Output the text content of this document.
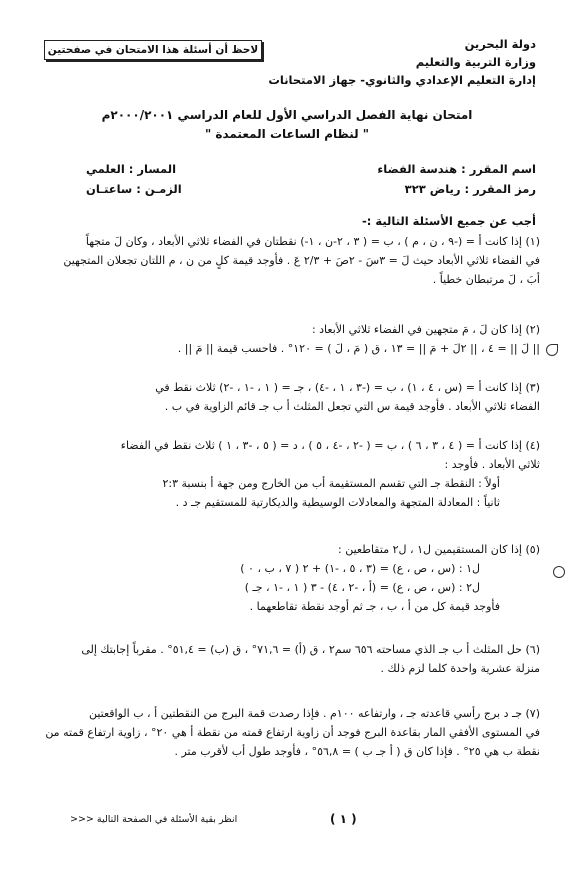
دولة البحرين
وزارة التربية والتعليم
إدارة التعليم الإعدادي والثانوي- جهاز الامتحانات
لاحظ أن أسئلة هذا الامتحان في صفحتين
امتحان نهاية الفصل الدراسي الأول للعام الدراسي ٢٠٠٠/٢٠٠١م
" لنظام الساعات المعتمدة "
اسم المقرر : هندسة الفضاء
رمز المقرر : رياض ٣٢٣
المسار : العلمي
الزمـن : ساعتـان
أجب عن جميع الأسئلة التالية :-
(١) إذا كانت أ = (-٩ ، ن ، م ) ، ب = ( ٣ ، ٢-ن ، ١-) نقطتان في الفضاء ثلاثي الأبعاد ، وكان لَ متجهاً
في الفضاء ثلاثي الأبعاد حيث لَ = ٣سَ - ٢صَ + ٢/٣ عَ . فأوجد قيمة كلٍ من ن ، م اللتان تجعلان المتجهين
أبَ ، لَ مرتبطان خطياً .
(٢) إذا كان لَ ، مَ متجهين في الفضاء ثلاثي الأبعاد :
|| لَ || = ٤ ، || ٢لَ + مَ || = ١٣ ، ق ( مَ ، لَ ) = ١٢٠° . فاحسب قيمة || مَ || .
(٣) إذا كانت أ = (س ، ٤ ، ١) ، ب = (-٣ ، ١ ، -٤) ، جـ = ( ١ ، -١ ، -٢) ثلاث نقط في
الفضاء ثلاثي الأبعاد . فأوجد قيمة س التي تجعل المثلث أ ب جـ قائم الزاوية في ب .
(٤) إذا كانت أ = ( ٤ ، ٣ ، ٦ ) ، ب = ( -٢ ، -٤ ، ٥ ) ، د = ( ٥ ، -٣ ، ١ ) ثلاث نقط في الفضاء
ثلاثي الأبعاد . فأوجد :
أولاً : النقطة جـ التي تقسم المستقيمة أب من الخارج ومن جهة أ بنسبة ٢:٣
ثانياً : المعادلة المتجهة والمعادلات الوسيطية والديكارتية للمستقيم جـ د .
(٥) إذا كان المستقيمين ل١ ، ل٢ متقاطعين :
ل١ : (س ، ص ، ع) = (٣ ، ٥ ، -١) + ٢ ( ٧ ، ب ، ٠ )
ل٢ : (س ، ص ، ع) = (أ ، -٢ ، ٤) - ٣ ( ١ ، -١ ، جـ )
فأوجد قيمة كل من أ ، ب ، جـ ثم أوجد نقطة تقاطعهما .
(٦) حل المثلث أ ب جـ الذي مساحته ٦٥٦ سم٢ ، ق (أ) = ٧١,٦° ، ق (ب) = ٥١,٤° . مقرباً إجابتك إلى
منزلة عشرية واحدة كلما لزم ذلك .
(٧) جـ د برج رأسي قاعدته جـ ، وارتفاعه ١٠٠م . فإذا رصدت قمة البرج من النقطتين أ ، ب الواقعتين
في المستوى الأفقي المار بقاعدة البرج فوجد أن زاوية ارتفاع قمته من نقطة أ هي ٢٠° ، زاوية ارتفاع قمته من
نقطة ب هي ٢٥° . فإذا كان ق ( أ جـ ب ) = ٥٦,٨° ، فأوجد طول أب لأقرب متر .
انظر بقية الأسئلة في الصفحة التالية <<<	( ١ )
